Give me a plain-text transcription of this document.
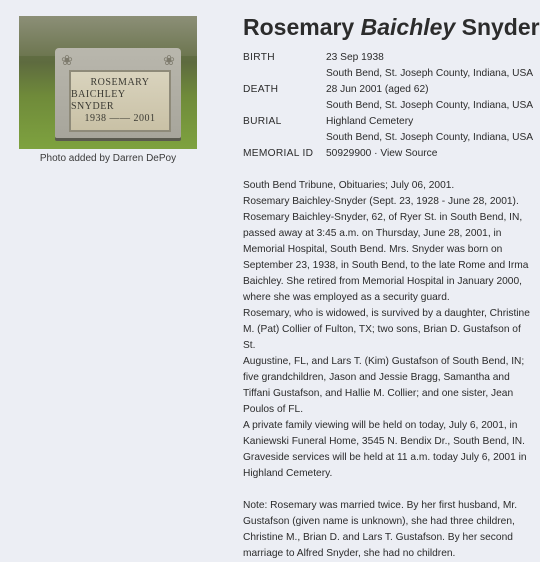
❀	❀
ROSEMARY
BAICHLEY SNYDER
1938 —— 2001
Photo added by Darren DePoy
Rosemary Baichley Snyder
BIRTH	23 Sep 1938
South Bend, St. Joseph County, Indiana, USA
DEATH	28 Jun 2001 (aged 62)
South Bend, St. Joseph County, Indiana, USA
BURIAL	Highland Cemetery
South Bend, St. Joseph County, Indiana, USA
MEMORIAL ID	50929900 · View Source

South Bend Tribune, Obituaries; July 06, 2001.

Rosemary Baichley-Snyder (Sept. 23, 1928 - June 28, 2001).

Rosemary Baichley-Snyder, 62, of Ryer St. in South Bend, IN,

passed away at 3:45 a.m. on Thursday, June 28, 2001, in

Memorial Hospital, South Bend. Mrs. Snyder was born on

September 23, 1938, in South Bend, to the late Rome and Irma

Baichley. She retired from Memorial Hospital in January 2000,

where she was employed as a security guard.

Rosemary, who is widowed, is survived by a daughter, Christine

M. (Pat) Collier of Fulton, TX; two sons, Brian D. Gustafson of St.

Augustine, FL, and Lars T. (Kim) Gustafson of South Bend, IN;

five grandchildren, Jason and Jessie Bragg, Samantha and

Tiffani Gustafson, and Hallie M. Collier; and one sister, Jean

Poulos of FL.

A private family viewing will be held on today, July 6, 2001, in

Kaniewski Funeral Home, 3545 N. Bendix Dr., South Bend, IN.

Graveside services will be held at 11 a.m. today July 6, 2001 in

Highland Cemetery.

Note: Rosemary was married twice. By her first husband, Mr.

Gustafson (given name is unknown), she had three children,

Christine M., Brian D. and Lars T. Gustafson. By her second

marriage to Alfred Snyder, she had no children.
